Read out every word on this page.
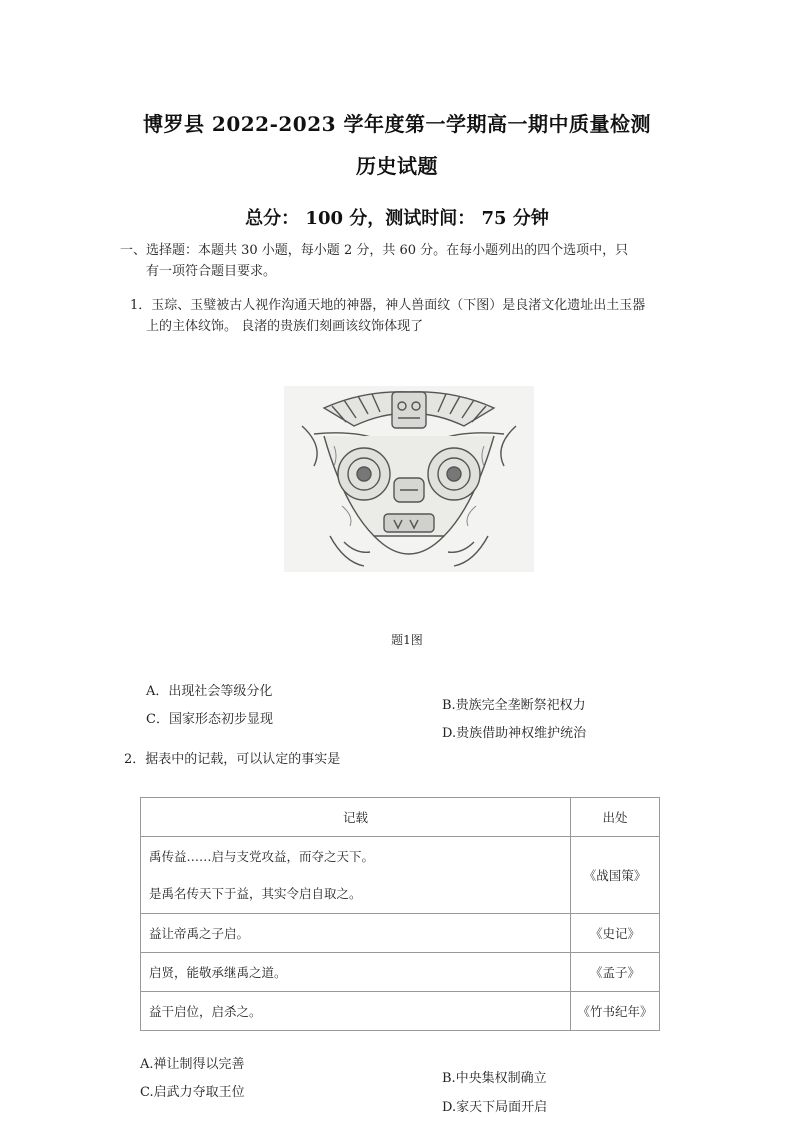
博罗县 2022-2023 学年度第一学期高一期中质量检测
历史试题
总分： 100 分，测试时间： 75 分钟
一、选择题：本题共 30 小题，每小题 2 分，共 60 分。在每小题列出的四个选项中，只
有一项符合题目要求。
1．玉琮、玉璧被古人视作沟通天地的神器，神人兽面纹（下图）是良渚文化遗址出土玉器
上的主体纹饰。 良渚的贵族们刻画该纹饰体现了
题1图
A．出现社会等级分化
B.贵族完全垄断祭祀权力
C．国家形态初步显现
D.贵族借助神权维护统治
2．据表中的记载，可以认定的事实是
记载	出处

禹传益……启与支党攻益，而夺之天下。
是禹名传天下于益，其实令启自取之。	《战国策》
益让帝禹之子启。	《史记》
启贤，能敬承继禹之道。	《孟子》
益干启位，启杀之。	《竹书纪年》
A.禅让制得以完善
B.中央集权制确立
C.启武力夺取王位
D.家天下局面开启
